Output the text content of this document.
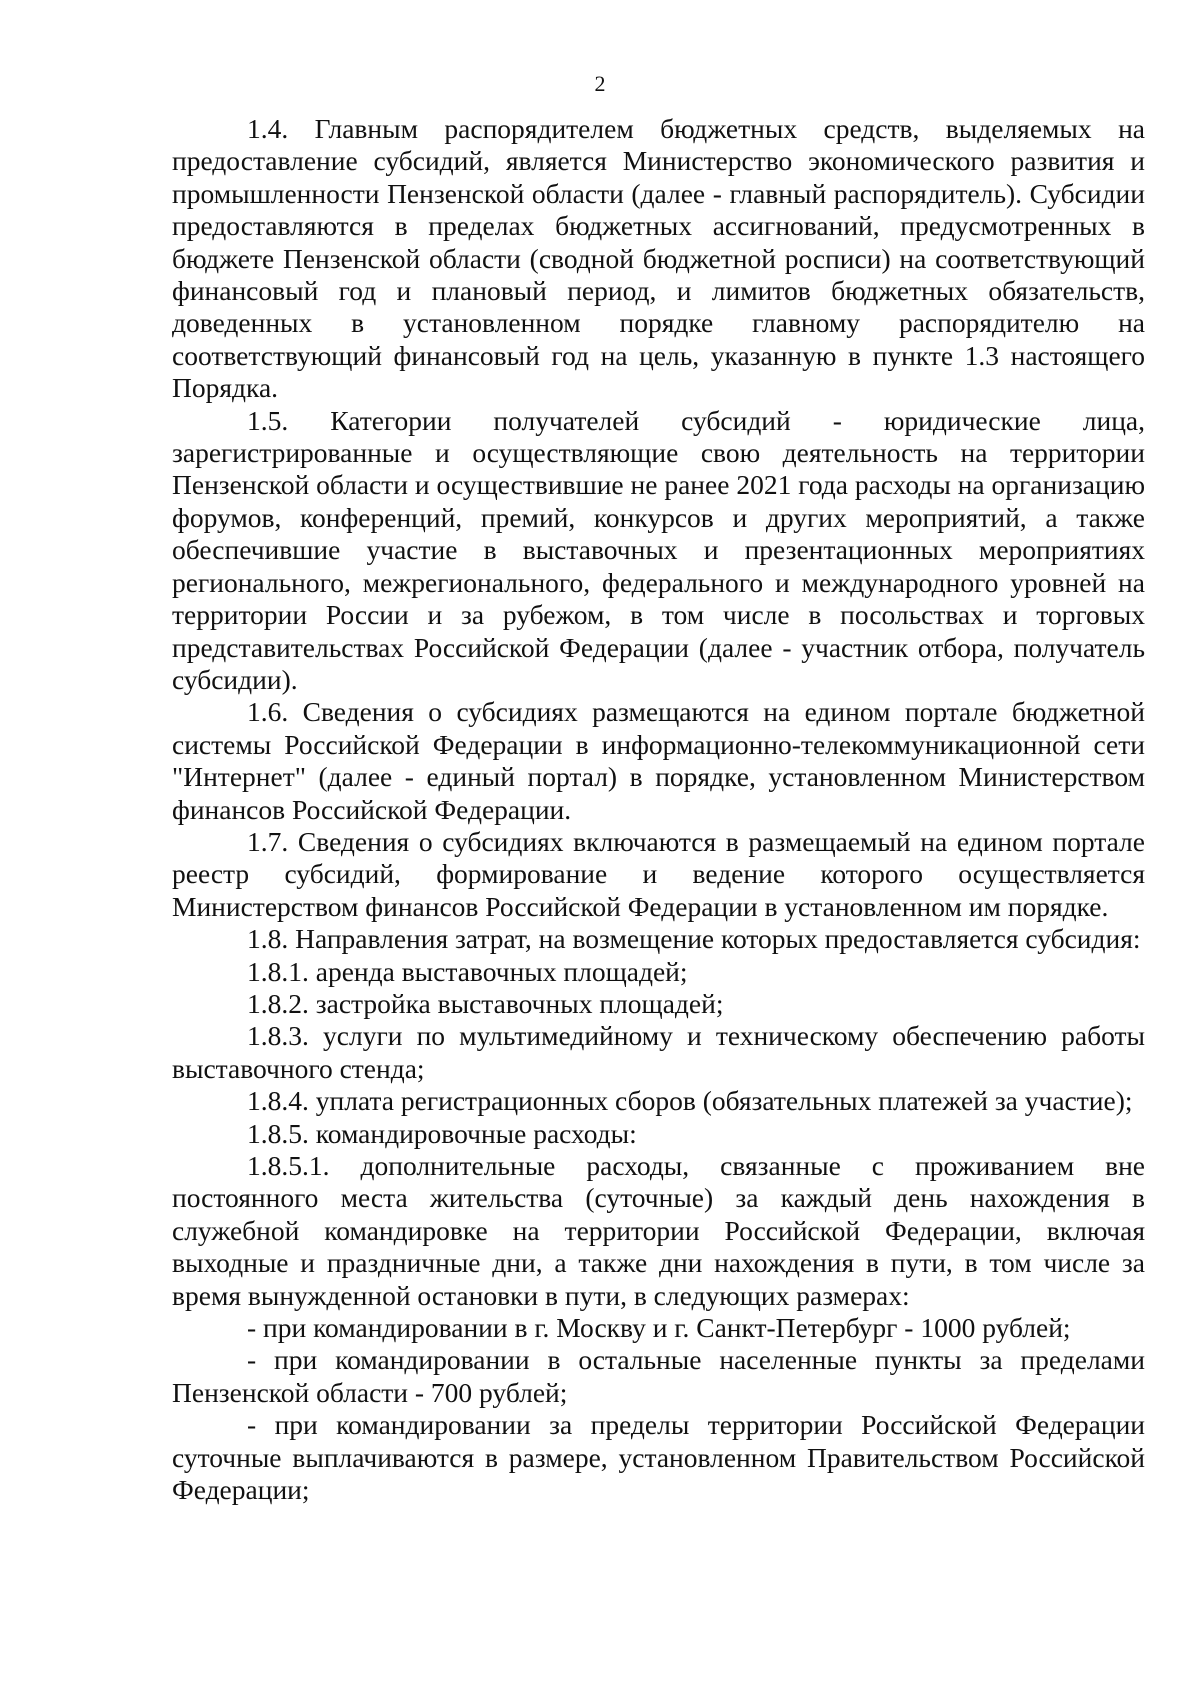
2

1.4. Главным распорядителем бюджетных средств, выделяемых на предоставление субсидий, является Министерство экономического развития и промышленности Пензенской области (далее - главный распорядитель). Субсидии предоставляются в пределах бюджетных ассигнований, предусмотренных в бюджете Пензенской области (сводной бюджетной росписи) на соответствующий финансовый год и плановый период, и лимитов бюджетных обязательств, доведенных в установленном порядке главному распорядителю на соответствующий финансовый год на цель, указанную в пункте 1.3 настоящего Порядка.

1.5. Категории получателей субсидий - юридические лица, зарегистрированные и осуществляющие свою деятельность на территории Пензенской области и осуществившие не ранее 2021 года расходы на организацию форумов, конференций, премий, конкурсов и других мероприятий, а также обеспечившие участие в выставочных и презентационных мероприятиях регионального, межрегионального, федерального и международного уровней на территории России и за рубежом, в том числе в посольствах и торговых представительствах Российской Федерации (далее - участник отбора, получатель субсидии).

1.6. Сведения о субсидиях размещаются на едином портале бюджетной системы Российской Федерации в информационно-телекоммуникационной сети "Интернет" (далее - единый портал) в порядке, установленном Министерством финансов Российской Федерации.

1.7. Сведения о субсидиях включаются в размещаемый на едином портале реестр субсидий, формирование и ведение которого осуществляется Министерством финансов Российской Федерации в установленном им порядке.

1.8. Направления затрат, на возмещение которых предоставляется субсидия:

1.8.1. аренда выставочных площадей;

1.8.2. застройка выставочных площадей;

1.8.3. услуги по мультимедийному и техническому обеспечению работы выставочного стенда;

1.8.4. уплата регистрационных сборов (обязательных платежей за участие);

1.8.5. командировочные расходы:

1.8.5.1. дополнительные расходы, связанные с проживанием вне постоянного места жительства (суточные) за каждый день нахождения в служебной командировке на территории Российской Федерации, включая выходные и праздничные дни, а также дни нахождения в пути, в том числе за время вынужденной остановки в пути, в следующих размерах:

- при командировании в г. Москву и г. Санкт-Петербург - 1000 рублей;

- при командировании в остальные населенные пункты за пределами Пензенской области - 700 рублей;

- при командировании за пределы территории Российской Федерации суточные выплачиваются в размере, установленном Правительством Российской Федерации;
